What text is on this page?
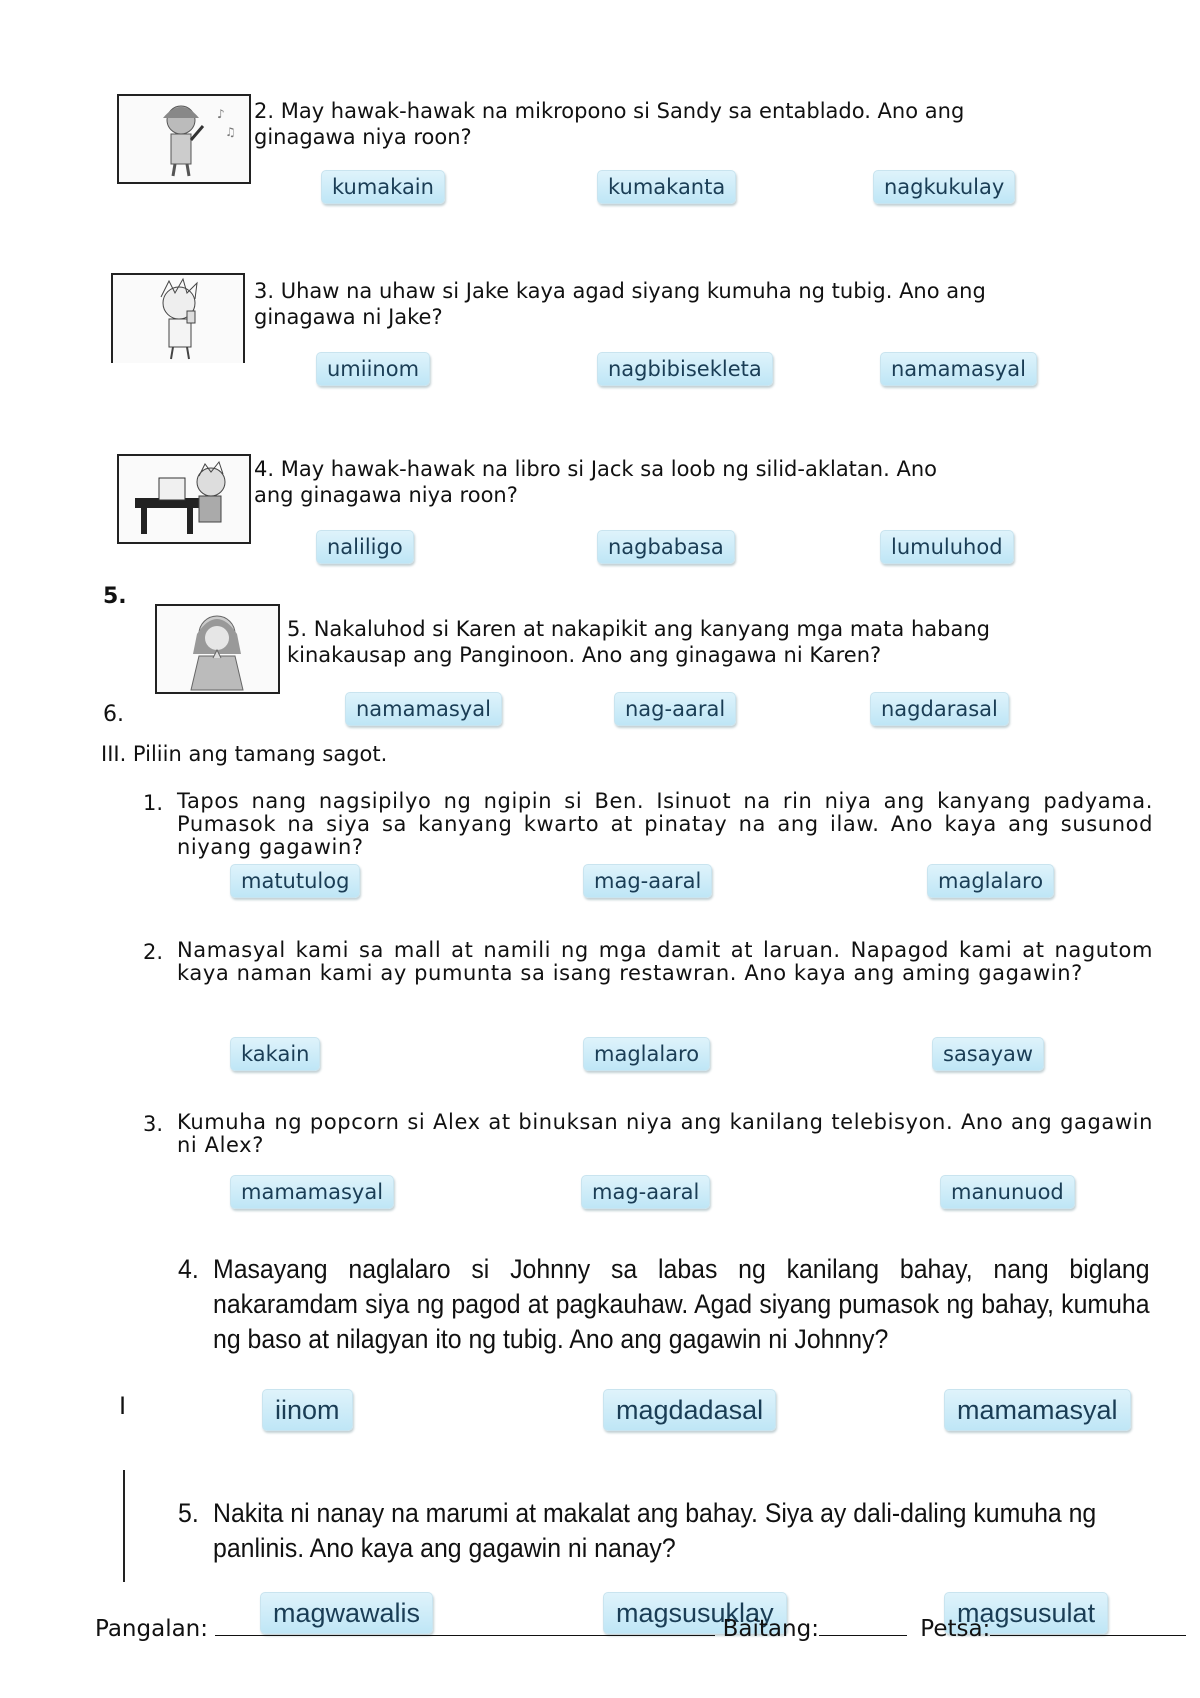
♪
♫
2. May hawak-hawak na mikropono si Sandy sa entablado. Ano ang
ginagawa niya roon?
kumakain	kumakanta	nagkukulay
3. Uhaw na uhaw si Jake kaya agad siyang kumuha ng tubig. Ano ang
ginagawa ni Jake?
umiinom	nagbibisekleta	namamasyal
4. May hawak-hawak na libro si Jack sa loob ng silid-aklatan. Ano
ang ginagawa niya roon?
naliligo	nagbabasa	lumuluhod
5.
5. Nakaluhod si Karen at nakapikit ang kanyang mga mata habang
kinakausap ang Panginoon. Ano ang ginagawa ni Karen?
namamasyal	nag-aaral	nagdarasal
6.
III. Piliin ang tamang sagot.
1. Tapos nang nagsipilyo ng ngipin si Ben. Isinuot na rin niya ang kanyang padyama. Pumasok na siya sa kanyang kwarto at pinatay na ang ilaw. Ano kaya ang susunod niyang gagawin?
matutulog	mag-aaral	maglalaro
2. Namasyal kami sa mall at namili ng mga damit at laruan. Napagod kami at nagutom kaya naman kami ay pumunta sa isang restawran. Ano kaya ang aming gagawin?
kakain	maglalaro	sasayaw
3. Kumuha ng popcorn si Alex at binuksan niya ang kanilang telebisyon. Ano ang gagawin ni Alex?
mamamasyal	mag-aaral	manunuod
4. Masayang naglalaro si Johnny sa labas ng kanilang bahay, nang biglang nakaramdam siya ng pagod at pagkauhaw. Agad siyang pumasok ng bahay, kumuha ng baso at nilagyan ito ng tubig. Ano ang gagawin ni Johnny?
I	iinom	magdadasal	mamamasyal
5. Nakita ni nanay na marumi at makalat ang bahay. Siya ay dali-daling kumuha ng panlinis. Ano kaya ang gagawin ni nanay?
magwawalis	magsusuklay	magsusulat
Pangalan:	Baitang:	Petsa:
